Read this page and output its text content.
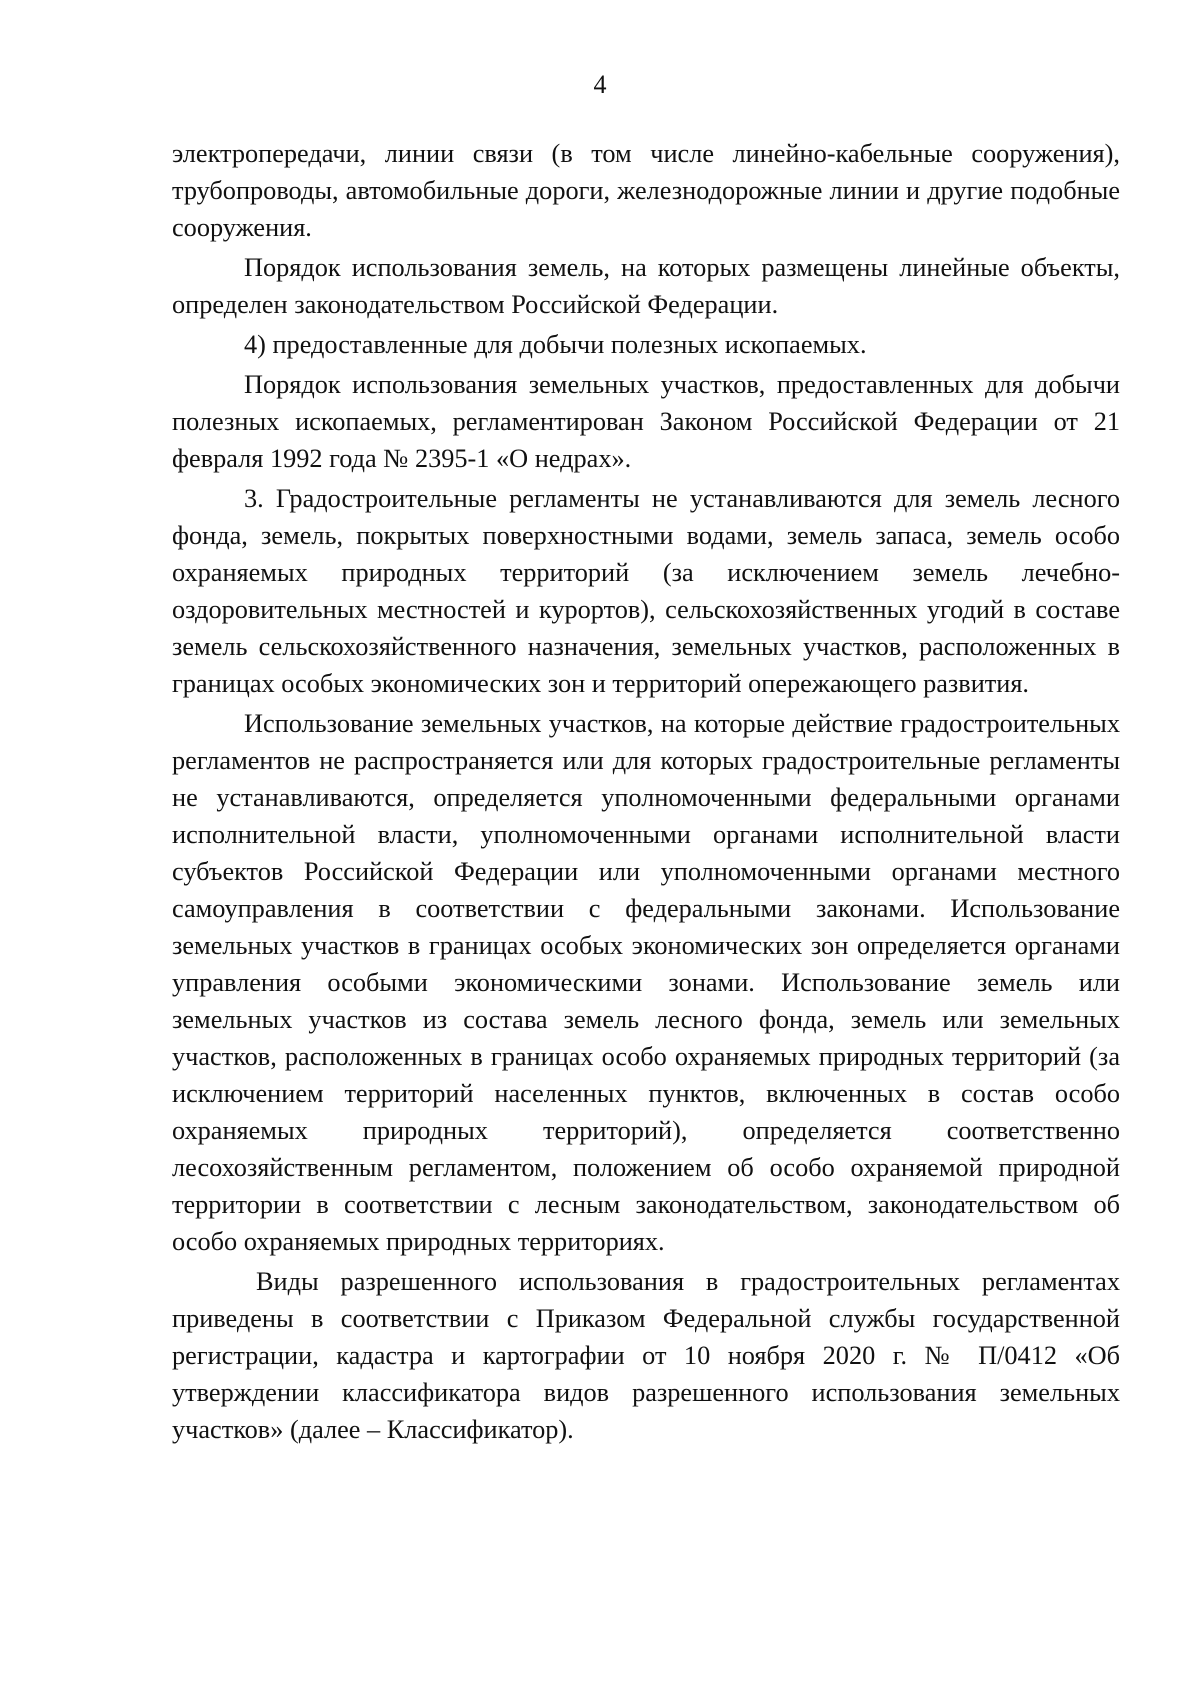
4

электропередачи, линии связи (в том числе линейно-кабельные сооружения), трубопроводы, автомобильные дороги, железнодорожные линии и другие подобные сооружения.

Порядок использования земель, на которых размещены линейные объекты, определен законодательством Российской Федерации.

4) предоставленные для добычи полезных ископаемых.

Порядок использования земельных участков, предоставленных для добычи полезных ископаемых, регламентирован Законом Российской Федерации от 21 февраля 1992 года № 2395-1 «О недрах».

3. Градостроительные регламенты не устанавливаются для земель лесного фонда, земель, покрытых поверхностными водами, земель запаса, земель особо охраняемых природных территорий (за исключением земель лечебно-оздоровительных местностей и курортов), сельскохозяйственных угодий в составе земель сельскохозяйственного назначения, земельных участков, расположенных в границах особых экономических зон и территорий опережающего развития.

Использование земельных участков, на которые действие градостроительных регламентов не распространяется или для которых градостроительные регламенты не устанавливаются, определяется уполномоченными федеральными органами исполнительной власти, уполномоченными органами исполнительной власти субъектов Российской Федерации или уполномоченными органами местного самоуправления в соответствии с федеральными законами. Использование земельных участков в границах особых экономических зон определяется органами управления особыми экономическими зонами. Использование земель или земельных участков из состава земель лесного фонда, земель или земельных участков, расположенных в границах особо охраняемых природных территорий (за исключением территорий населенных пунктов, включенных в состав особо охраняемых природных территорий), определяется соответственно лесохозяйственным регламентом, положением об особо охраняемой природной территории в соответствии с лесным законодательством, законодательством об особо охраняемых природных территориях.

Виды разрешенного использования в градостроительных регламентах приведены в соответствии с Приказом Федеральной службы государственной регистрации, кадастра и картографии от 10 ноября 2020 г. № П/0412 «Об утверждении классификатора видов разрешенного использования земельных участков» (далее – Классификатор).
